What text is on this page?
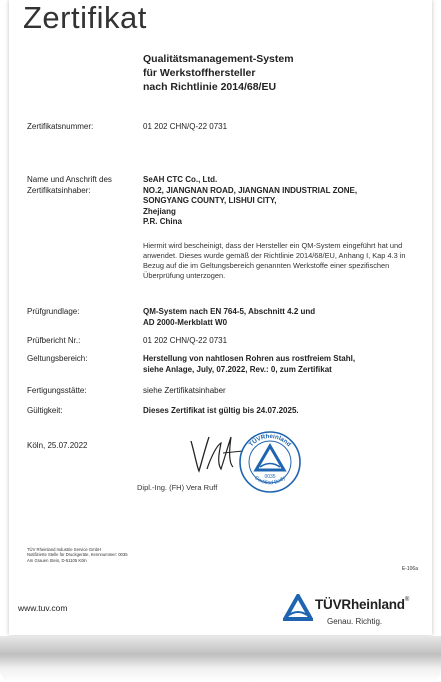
Zertifikat
Qualitätsmanagement-System
für Werkstoffhersteller
nach Richtlinie 2014/68/EU
Zertifikatsnummer:	01 202 CHN/Q-22 0731
Name und Anschrift des
Zertifikatsinhaber:
SeAH CTC Co., Ltd.
NO.2, JIANGNAN ROAD, JIANGNAN INDUSTRIAL ZONE,
SONGYANG COUNTY, LISHUI CITY,
Zhejiang
P.R. China
Hiermit wird bescheinigt, dass der Hersteller ein QM-System eingeführt hat und anwendet. Dieses wurde gemäß der Richtlinie 2014/68/EU, Anhang I, Kap 4.3 in Bezug auf die im Geltungsbereich genannten Werkstoffe einer spezifischen Überprüfung unterzogen.
Prüfgrundlage:	QM-System nach EN 764-5, Abschnitt 4.2 und
AD 2000-Merkblatt W0
Prüfbericht Nr.:	01 202 CHN/Q-22 0731
Geltungsbereich:	Herstellung von nahtlosen Rohren aus rostfreiem Stahl,
siehe Anlage, July, 07.2022, Rev.: 0, zum Zertifikat
Fertigungsstätte:	siehe Zertifikatsinhaber
Gültigkeit:	Dieses Zertifikat ist gültig bis 24.07.2025.
Köln, 25.07.2022	TÜVRheinland
Certified Body
0035
Dipl.-Ing. (FH) Vera Ruff
TÜV Rheinland Industrie Service GmbH
Notifizierte Stelle für Druckgeräte, Kennnummer: 0035
Am Grauen Stein, D-51105 Köln
E-106a
www.tuv.com	TÜVRheinland®
Genau. Richtig.
